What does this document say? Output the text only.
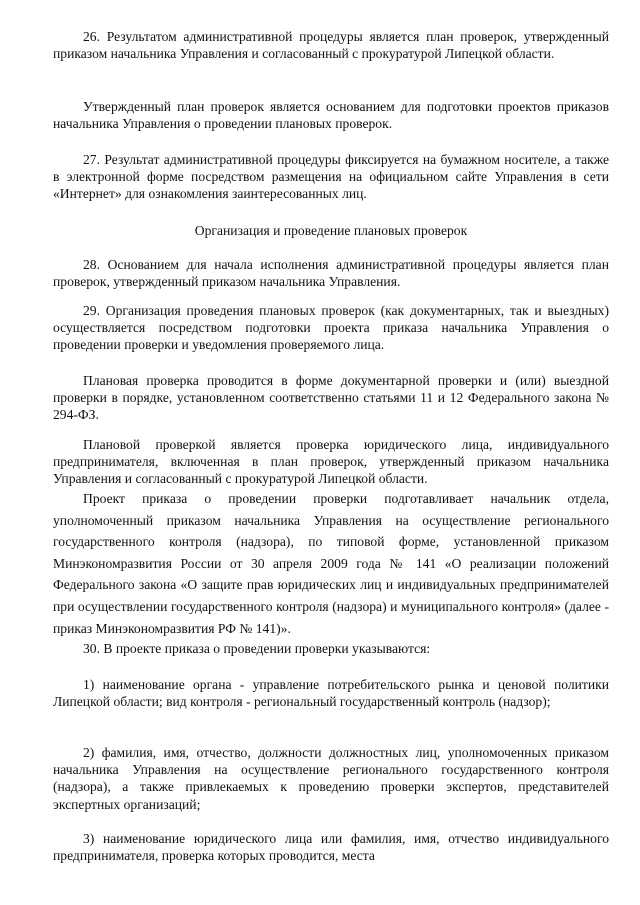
26. Результатом административной процедуры является план проверок, утвержденный приказом начальника Управления и согласованный с прокуратурой Липецкой области.

Утвержденный план проверок является основанием для подготовки проектов приказов начальника Управления о проведении плановых проверок.

27. Результат административной процедуры фиксируется на бумажном носителе, а также в электронной форме посредством размещения на официальном сайте Управления в сети «Интернет» для ознакомления заинтересованных лиц.

Организация и проведение плановых проверок

28. Основанием для начала исполнения административной процедуры является план проверок, утвержденный приказом начальника Управления.

29. Организация проведения плановых проверок (как документарных, так и выездных) осуществляется посредством подготовки проекта приказа начальника Управления о проведении проверки и уведомления проверяемого лица.

Плановая проверка проводится в форме документарной проверки и (или) выездной проверки в порядке, установленном соответственно статьями 11 и 12 Федерального закона № 294-ФЗ.

Плановой проверкой является проверка юридического лица, индивидуального предпринимателя, включенная в план проверок, утвержденный приказом начальника Управления и согласованный с прокуратурой Липецкой области.

Проект приказа о проведении проверки подготавливает начальник отдела, уполномоченный приказом начальника Управления на осуществление регионального государственного контроля (надзора), по типовой форме, установленной приказом Минэкономразвития России от 30 апреля 2009 года № 141 «О реализации положений Федерального закона «О защите прав юридических лиц и индивидуальных предпринимателей при осуществлении государственного контроля (надзора) и муниципального контроля» (далее - приказ Минэкономразвития РФ № 141)».

30. В проекте приказа о проведении проверки указываются:

1) наименование органа - управление потребительского рынка и ценовой политики Липецкой области; вид контроля - региональный государственный контроль (надзор);

2) фамилия, имя, отчество, должности должностных лиц, уполномоченных приказом начальника Управления на осуществление регионального государственного контроля (надзора), а также привлекаемых к проведению проверки экспертов, представителей экспертных организаций;

3) наименование юридического лица или фамилия, имя, отчество индивидуального предпринимателя, проверка которых проводится, места
